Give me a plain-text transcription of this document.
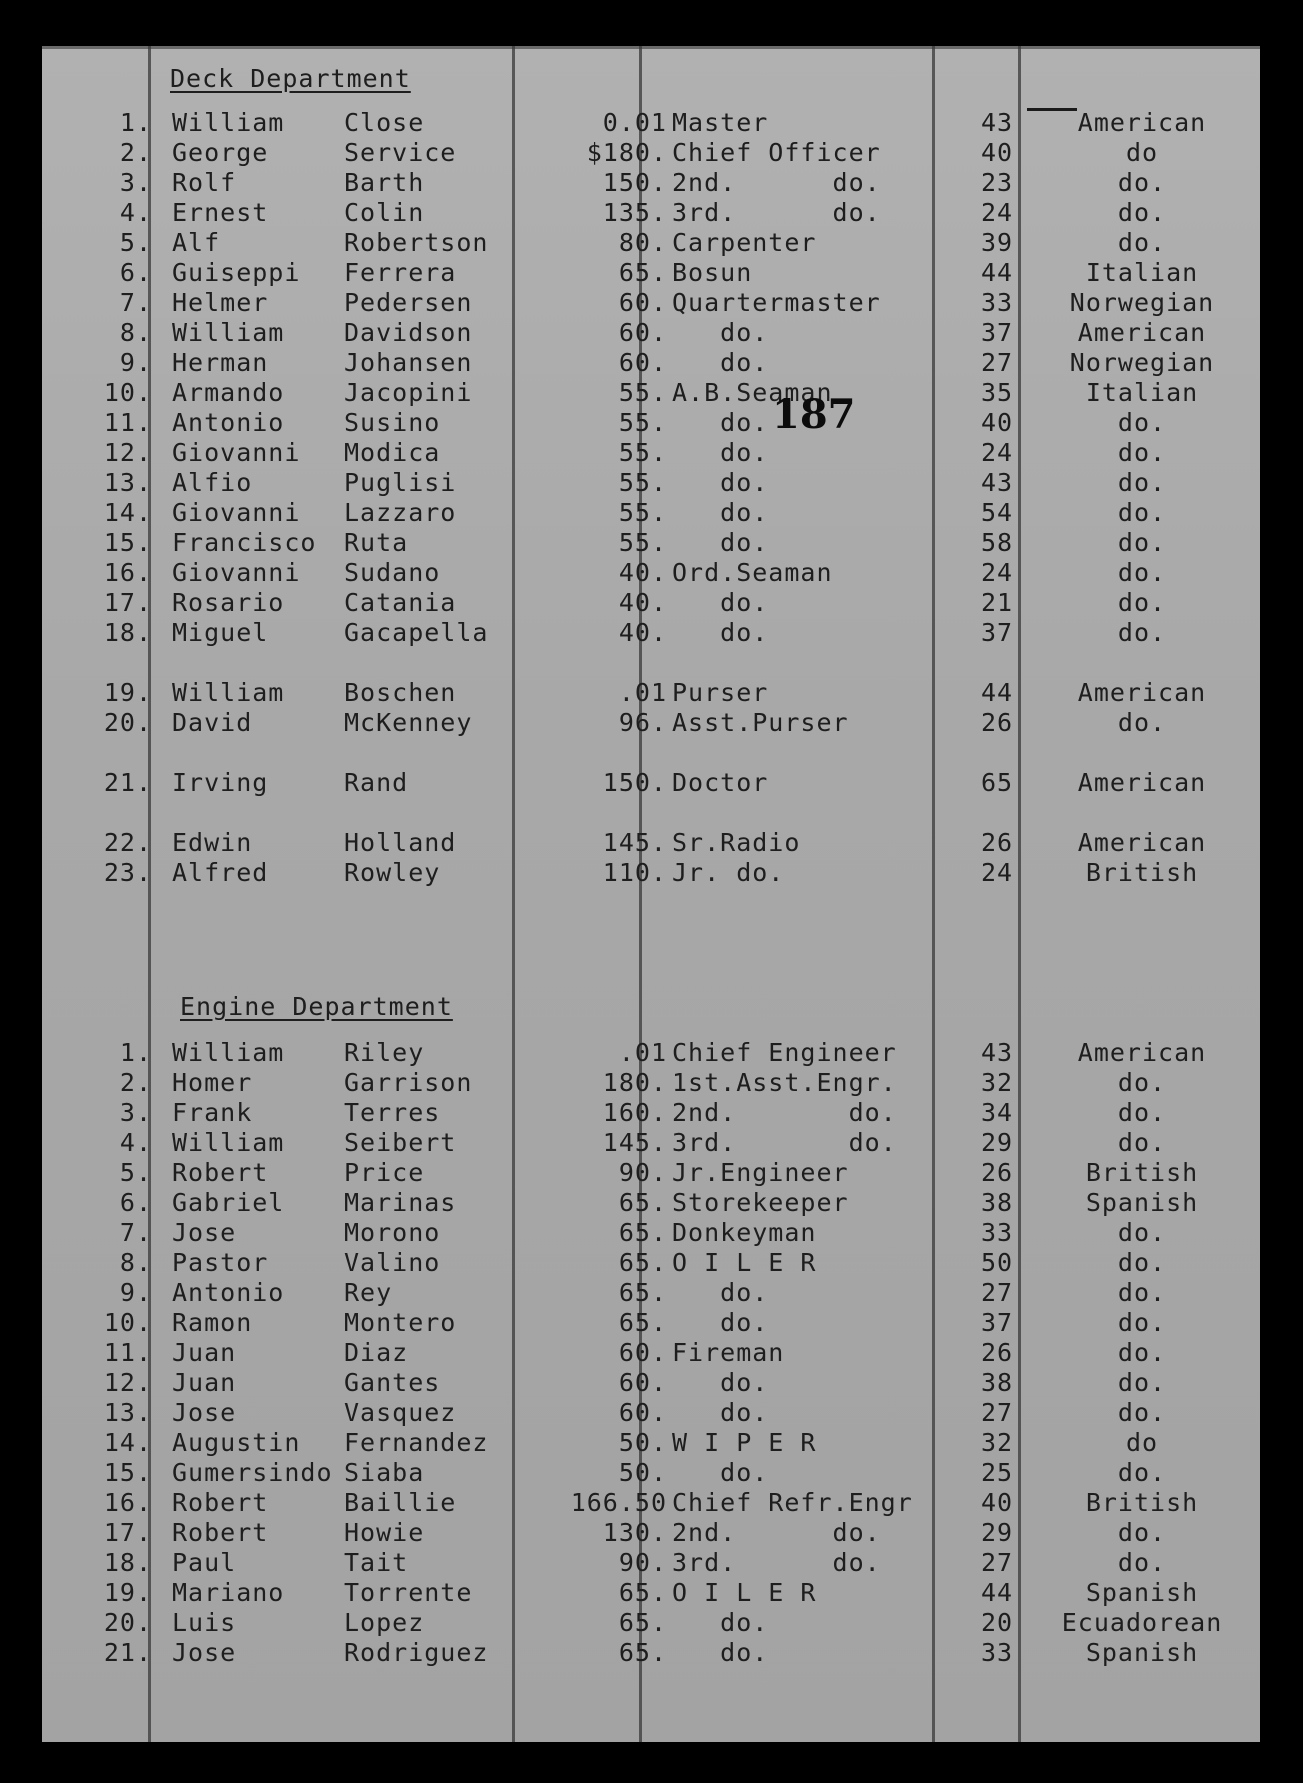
Deck Department
Engine Department
1. William	Close	0.01 Master	43	American
2. George	Service	$180. Chief Officer	40	do
3. Rolf	Barth	150. 2nd.      do.	23	do.
4. Ernest	Colin	135. 3rd.      do.	24	do.
5. Alf	Robertson	80. Carpenter	39	do.
6. Guiseppi	Ferrera	65. Bosun	44	Italian
7. Helmer	Pedersen	60. Quartermaster	33	Norwegian
8. William	Davidson	60. do.	37	American
9. Herman	Johansen	60. do.	27	Norwegian
10. Armando	Jacopini	55. A.B.Seaman	35	Italian
11. Antonio	Susino	55. do.	40	do.
12. Giovanni	Modica	55. do.	24	do.
13. Alfio	Puglisi	55. do.	43	do.
14. Giovanni	Lazzaro	55. do.	54	do.
15. Francisco	Ruta	55. do.	58	do.
16. Giovanni	Sudano	40. Ord.Seaman	24	do.
17. Rosario	Catania	40. do.	21	do.
18. Miguel	Gacapella	40. do.	37	do.
19. William	Boschen	.01 Purser	44	American
20. David	McKenney	96. Asst.Purser	26	do.
21. Irving	Rand	150. Doctor	65	American
22. Edwin	Holland	145. Sr.Radio	26	American
23. Alfred	Rowley	110. Jr. do.	24	British
1. William	Riley	.01 Chief Engineer	43	American
2. Homer	Garrison	180. 1st.Asst.Engr.	32	do.
3. Frank	Terres	160. 2nd.       do.	34	do.
4. William	Seibert	145. 3rd.       do.	29	do.
5. Robert	Price	90. Jr.Engineer	26	British
6. Gabriel	Marinas	65. Storekeeper	38	Spanish
7. Jose	Morono	65. Donkeyman	33	do.
8. Pastor	Valino	65. O I L E R	50	do.
9. Antonio	Rey	65. do.	27	do.
10. Ramon	Montero	65. do.	37	do.
11. Juan	Diaz	60. Fireman	26	do.
12. Juan	Gantes	60. do.	38	do.
13. Jose	Vasquez	60. do.	27	do.
14. Augustin	Fernandez	50. W I P E R	32	do
15. Gumersindo Siaba	50. do.	25	do.
16. Robert	Baillie	166.50 Chief Refr.Engr	40	British
17. Robert	Howie	130. 2nd.      do.	29	do.
18. Paul	Tait	90. 3rd.      do.	27	do.
19. Mariano	Torrente	65. O I L E R	44	Spanish
20. Luis	Lopez	65. do.	20	Ecuadorean
21. Jose	Rodriguez	65. do.	33	Spanish
187
